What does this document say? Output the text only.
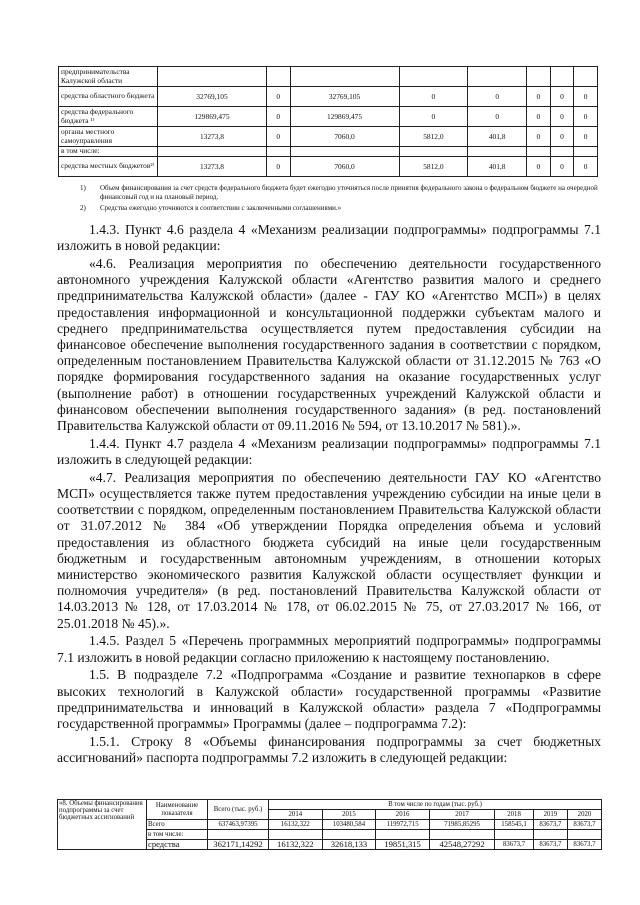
предпринимательства Калужской области								
средства областного бюджета	32769,105	0	32769,105	0	0	0	0	0
средства федерального бюджета ¹⁾	129869,475	0	129869,475	0	0	0	0	0
органы местного самоуправления	13273,8	0	7060,0	5812,0	401,8	0	0	0
в том числе:								
средства местных бюджетов²⁾	13273,8	0	7060,0	5812,0	401,8	0	0	0
1) Объем финансирования за счет средств федерального бюджета будет ежегодно уточняться после принятия федерального закона о федеральном бюджете на очередной финансовый год и на плановый период.
2) Средства ежегодно уточняются в соответствии с заключенными соглашениями.»

1.4.3. Пункт 4.6 раздела 4 «Механизм реализации подпрограммы» подпрограммы 7.1 изложить в новой редакции:

«4.6. Реализация мероприятия по обеспечению деятельности государственного автономного учреждения Калужской области «Агентство развития малого и среднего предпринимательства Калужской области» (далее - ГАУ КО «Агентство МСП») в целях предоставления информационной и консультационной поддержки субъектам малого и среднего предпринимательства осуществляется путем предоставления субсидии на финансовое обеспечение выполнения государственного задания в соответствии с порядком, определенным постановлением Правительства Калужской области от 31.12.2015 № 763 «О порядке формирования государственного задания на оказание государственных услуг (выполнение работ) в отношении государственных учреждений Калужской области и финансовом обеспечении выполнения государственного задания» (в ред. постановлений Правительства Калужской области от 09.11.2016 № 594, от 13.10.2017 № 581).».

1.4.4. Пункт 4.7 раздела 4 «Механизм реализации подпрограммы» подпрограммы 7.1 изложить в следующей редакции:

«4.7. Реализация мероприятия по обеспечению деятельности ГАУ КО «Агентство МСП» осуществляется также путем предоставления учреждению субсидии на иные цели в соответствии с порядком, определенным постановлением Правительства Калужской области от 31.07.2012 № 384 «Об утверждении Порядка определения объема и условий предоставления из областного бюджета субсидий на иные цели государственным бюджетным и государственным автономным учреждениям, в отношении которых министерство экономического развития Калужской области осуществляет функции и полномочия учредителя» (в ред. постановлений Правительства Калужской области от 14.03.2013 № 128, от 17.03.2014 № 178, от 06.02.2015 № 75, от 27.03.2017 № 166, от 25.01.2018 № 45).».

1.4.5. Раздел 5 «Перечень программных мероприятий подпрограммы» подпрограммы 7.1 изложить в новой редакции согласно приложению к настоящему постановлению.

1.5. В подразделе 7.2 «Подпрограмма «Создание и развитие технопарков в сфере высоких технологий в Калужской области» государственной программы «Развитие предпринимательства и инноваций в Калужской области» раздела 7 «Подпрограммы государственной программы» Программы (далее – подпрограмма 7.2):

1.5.1. Строку 8 «Объемы финансирования подпрограммы за счет бюджетных ассигнований» паспорта подпрограммы 7.2 изложить в следующей редакции:

«8. Объемы финансирования подпрограммы за счет бюджетных ассигнований	Наименование показателя	Всего (тыс. руб.)	В том числе по годам (тыс. руб.)						
			2014	2015	2016	2017	2018	2019	2020
	Всего	637463,97395	16132,322	103480,584	119972,715	71985,85295	158545,1	83673,7	83673,7
	в том числе:								
	средства	362171,14292	16132,322	32618,133	19851,315	42548,27292	83673,7	83673,7	83673,7
